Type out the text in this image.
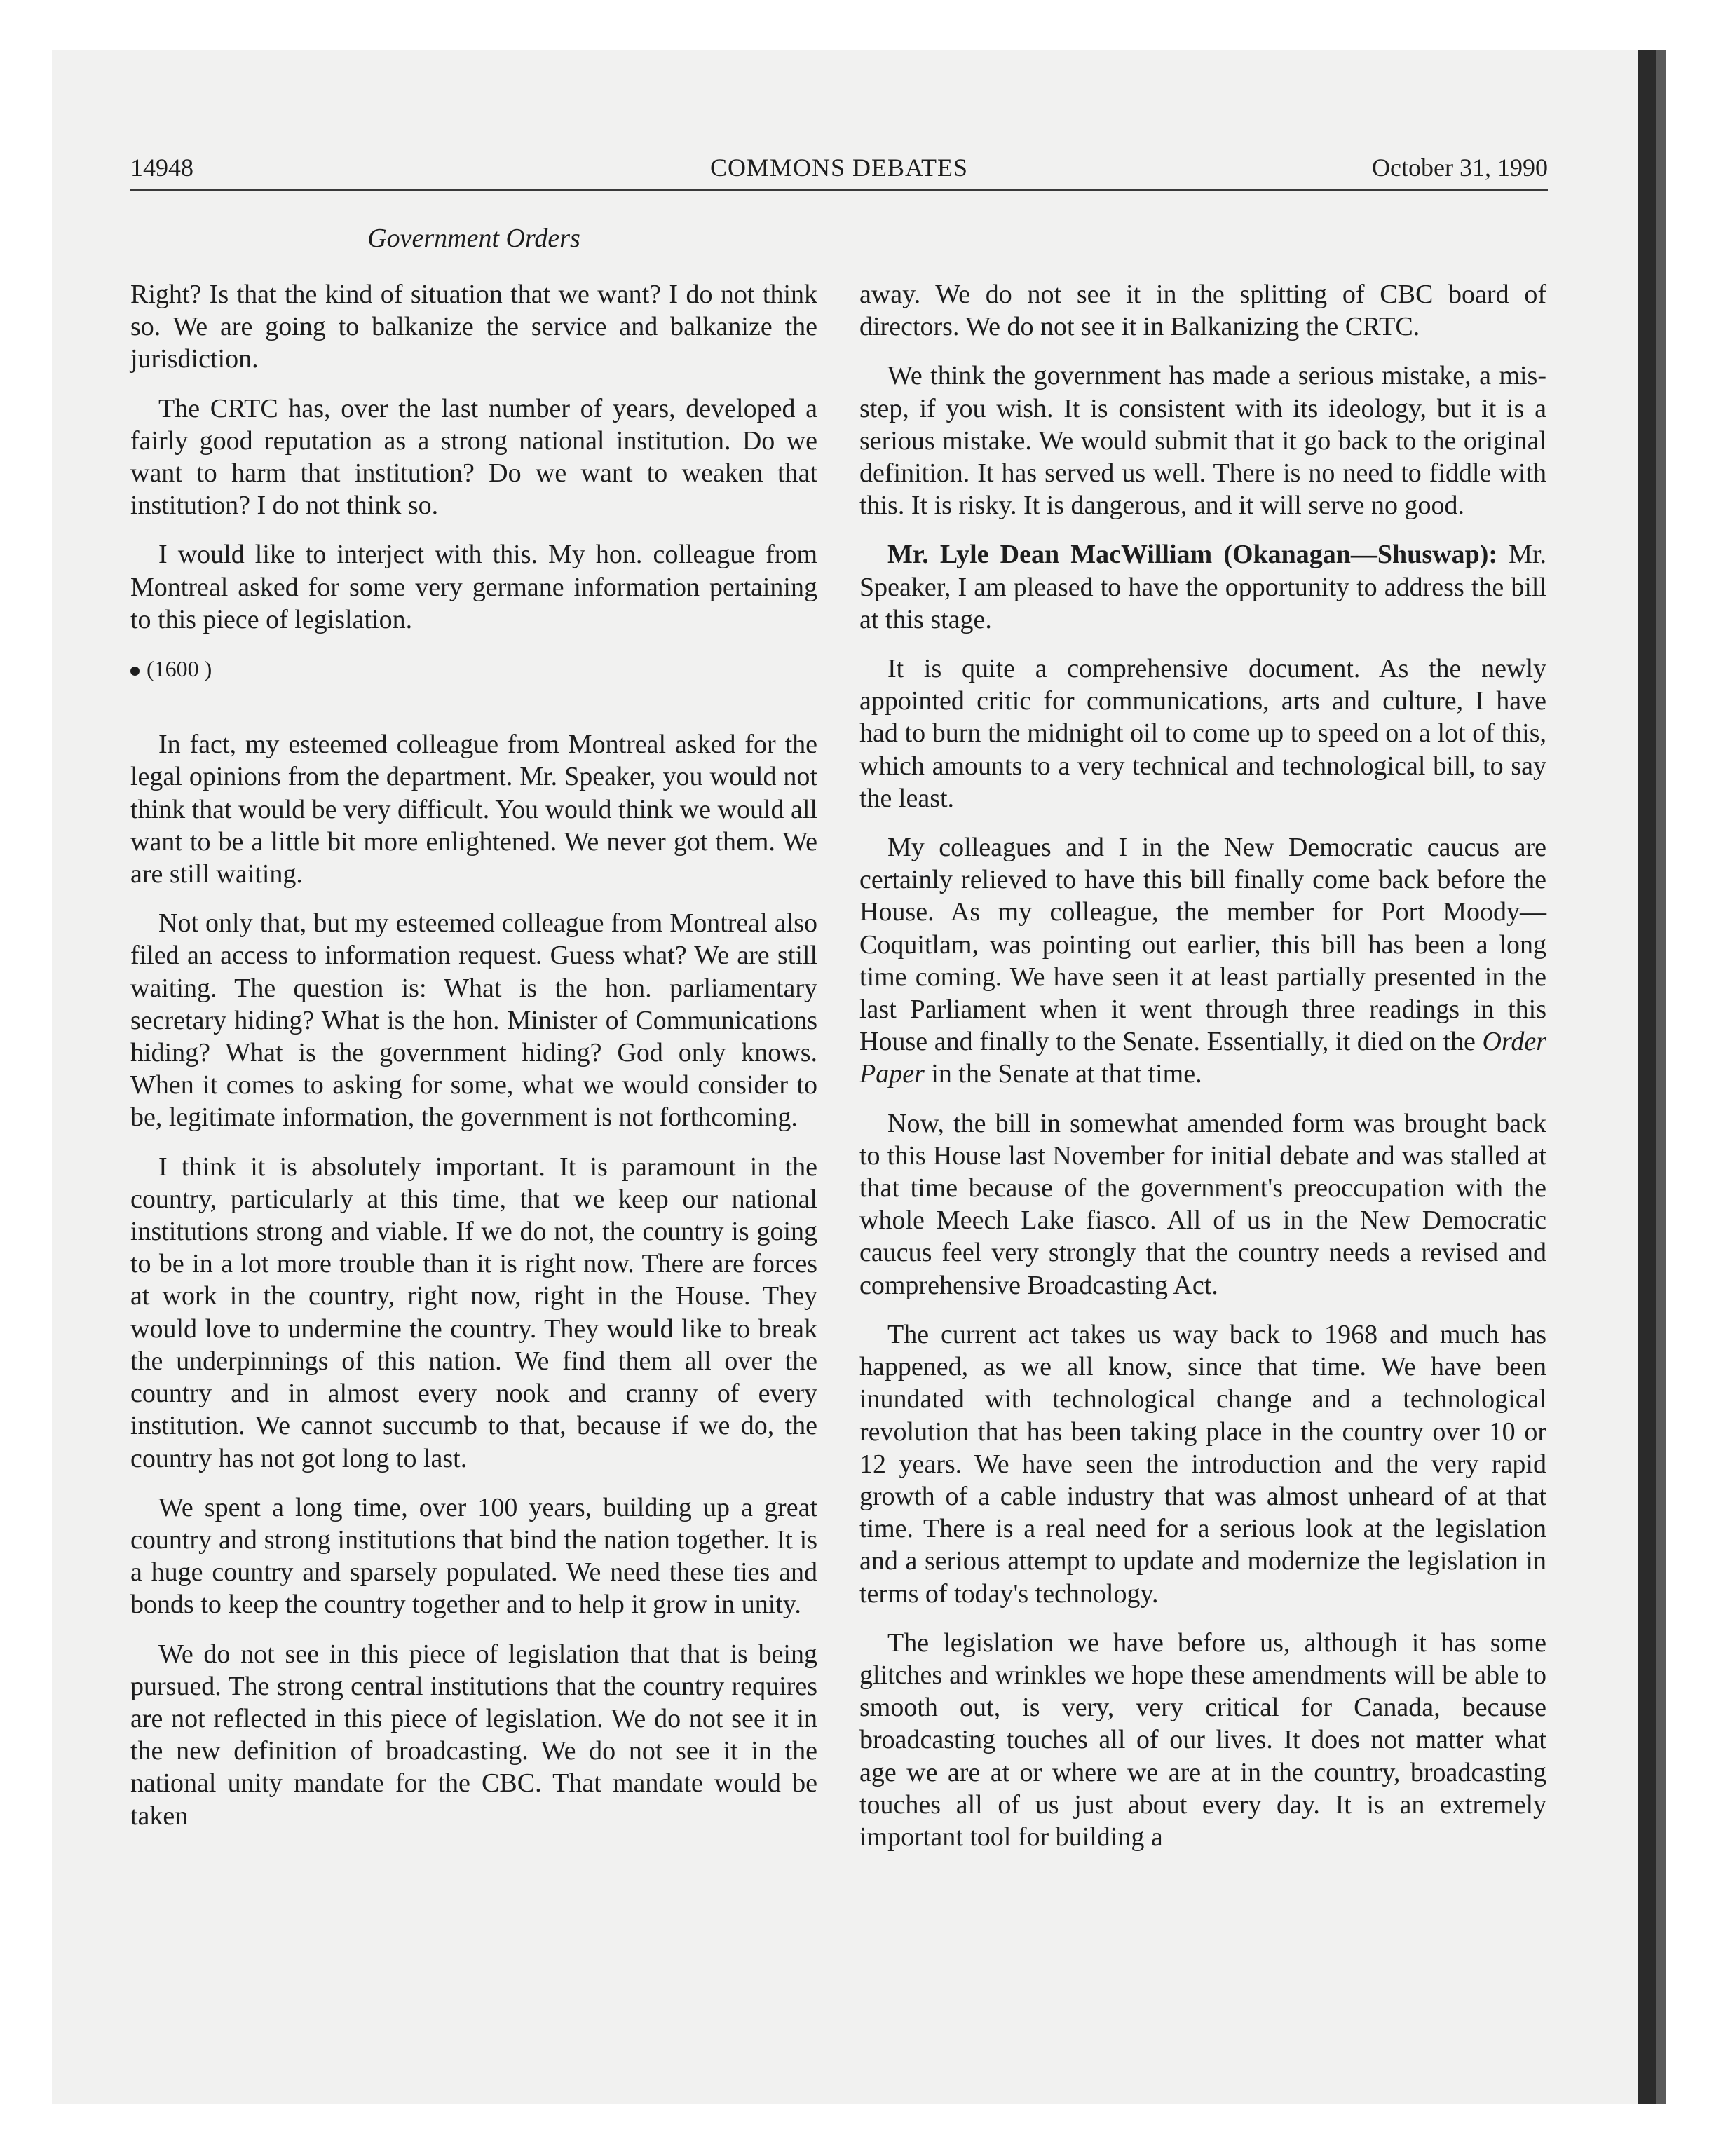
COMMONS DEBATES
14948	October 31, 1990
Government Orders

Right? Is that the kind of situation that we want? I do not think so. We are going to balkanize the service and balkanize the jurisdiction.

The CRTC has, over the last number of years, developed a fairly good reputation as a strong national institution. Do we want to harm that institution? Do we want to weaken that institution? I do not think so.

I would like to interject with this. My hon. colleague from Montreal asked for some very germane information pertaining to this piece of legislation.

(1600 )

In fact, my esteemed colleague from Montreal asked for the legal opinions from the department. Mr. Speaker, you would not think that would be very difficult. You would think we would all want to be a little bit more enlightened. We never got them. We are still waiting.

Not only that, but my esteemed colleague from Montreal also filed an access to information request. Guess what? We are still waiting. The question is: What is the hon. parliamentary secretary hiding? What is the hon. Minister of Communications hiding? What is the government hiding? God only knows. When it comes to asking for some, what we would consider to be, legitimate information, the government is not forthcoming.

I think it is absolutely important. It is paramount in the country, particularly at this time, that we keep our national institutions strong and viable. If we do not, the country is going to be in a lot more trouble than it is right now. There are forces at work in the country, right now, right in the House. They would love to undermine the country. They would like to break the underpinnings of this nation. We find them all over the country and in almost every nook and cranny of every institution. We cannot succumb to that, because if we do, the country has not got long to last.

We spent a long time, over 100 years, building up a great country and strong institutions that bind the nation together. It is a huge country and sparsely populated. We need these ties and bonds to keep the country together and to help it grow in unity.

We do not see in this piece of legislation that that is being pursued. The strong central institutions that the country requires are not reflected in this piece of legislation. We do not see it in the new definition of broadcasting. We do not see it in the national unity mandate for the CBC. That mandate would be taken

away. We do not see it in the splitting of CBC board of directors. We do not see it in Balkanizing the CRTC.

We think the government has made a serious mistake, a mis-step, if you wish. It is consistent with its ideology, but it is a serious mistake. We would submit that it go back to the original definition. It has served us well. There is no need to fiddle with this. It is risky. It is dangerous, and it will serve no good.

Mr. Lyle Dean MacWilliam (Okanagan—Shuswap): Mr. Speaker, I am pleased to have the opportunity to address the bill at this stage.

It is quite a comprehensive document. As the newly appointed critic for communications, arts and culture, I have had to burn the midnight oil to come up to speed on a lot of this, which amounts to a very technical and technological bill, to say the least.

My colleagues and I in the New Democratic caucus are certainly relieved to have this bill finally come back before the House. As my colleague, the member for Port Moody—Coquitlam, was pointing out earlier, this bill has been a long time coming. We have seen it at least partially presented in the last Parliament when it went through three readings in this House and finally to the Senate. Essentially, it died on the Order Paper in the Senate at that time.

Now, the bill in somewhat amended form was brought back to this House last November for initial debate and was stalled at that time because of the government's preoccupation with the whole Meech Lake fiasco. All of us in the New Democratic caucus feel very strongly that the country needs a revised and comprehensive Broadcasting Act.

The current act takes us way back to 1968 and much has happened, as we all know, since that time. We have been inundated with technological change and a technological revolution that has been taking place in the country over 10 or 12 years. We have seen the introduction and the very rapid growth of a cable industry that was almost unheard of at that time. There is a real need for a serious look at the legislation and a serious attempt to update and modernize the legislation in terms of today's technology.

The legislation we have before us, although it has some glitches and wrinkles we hope these amendments will be able to smooth out, is very, very critical for Canada, because broadcasting touches all of our lives. It does not matter what age we are at or where we are at in the country, broadcasting touches all of us just about every day. It is an extremely important tool for building a
